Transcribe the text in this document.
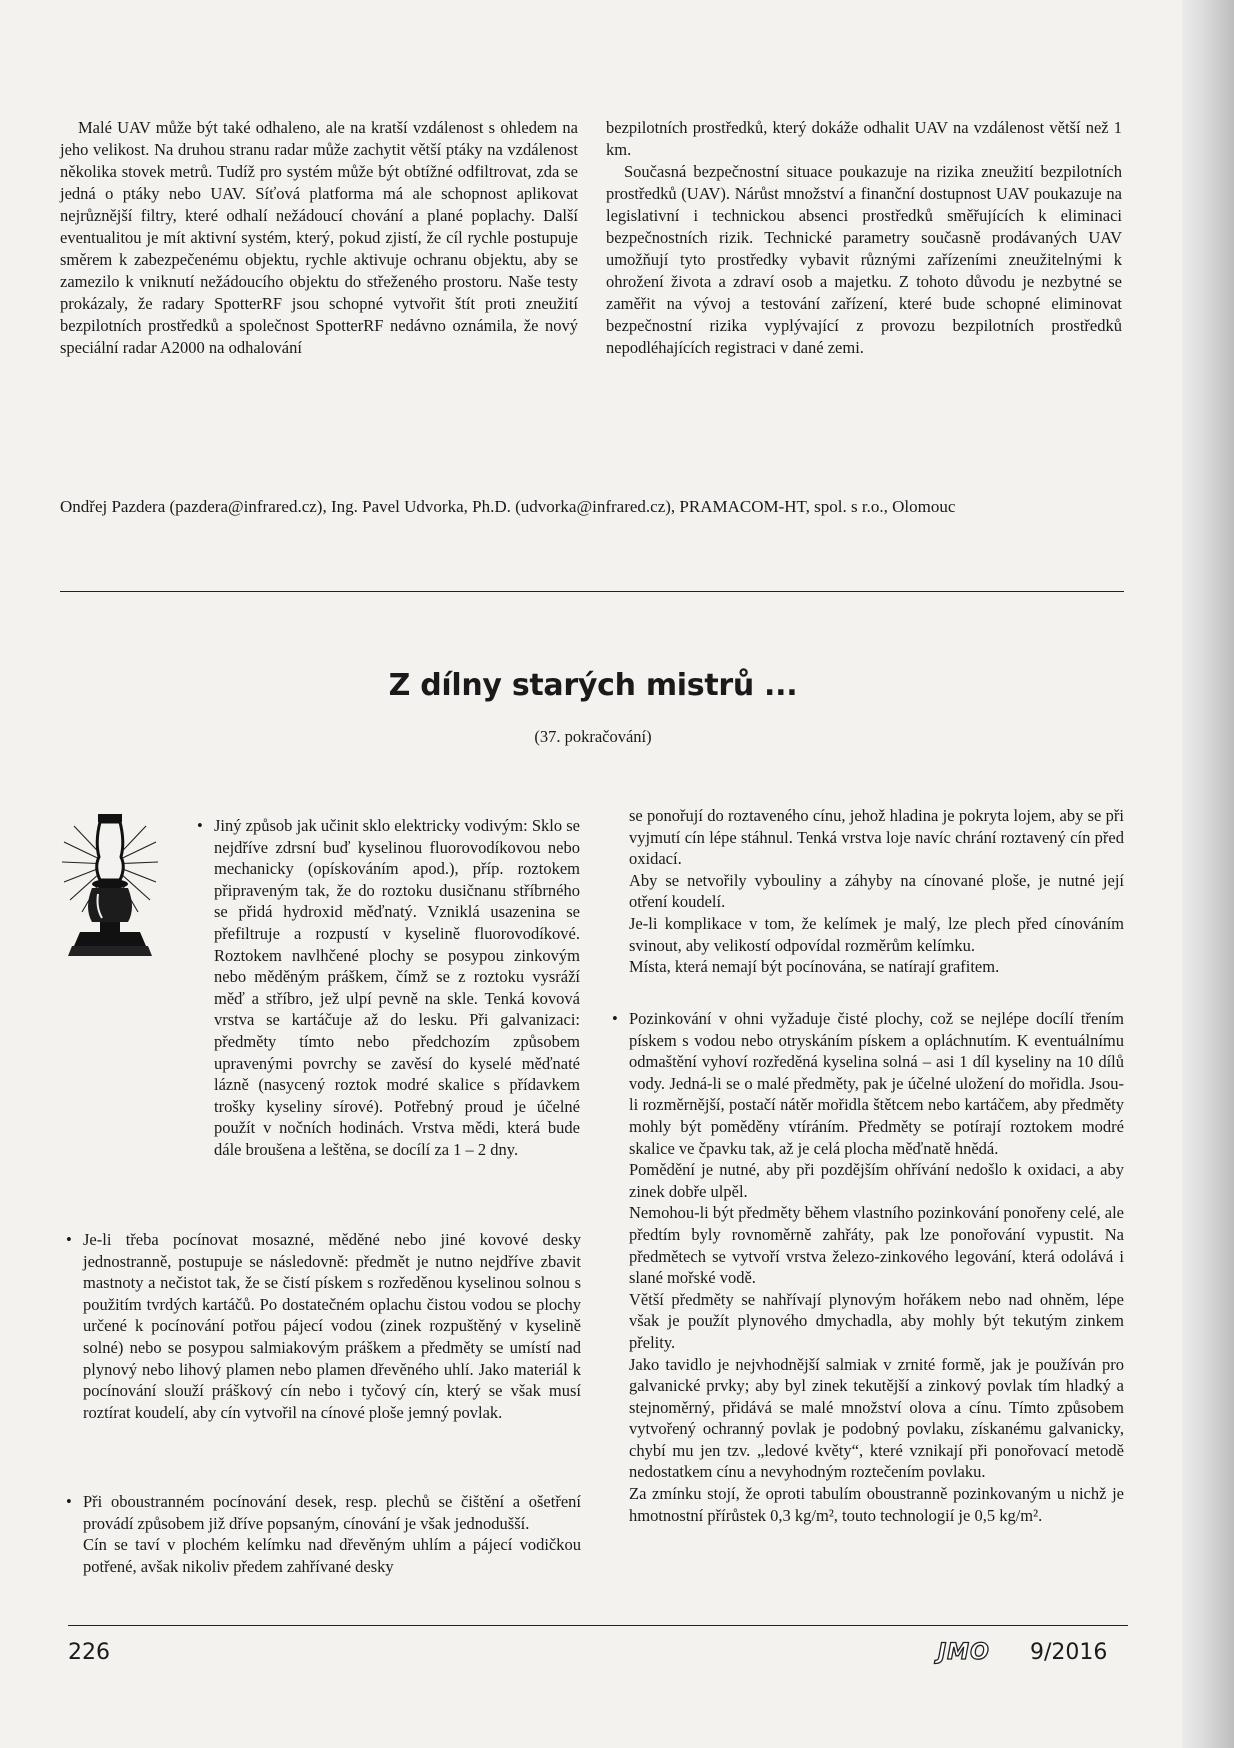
Malé UAV může být také odhaleno, ale na kratší vzdálenost s ohledem na jeho velikost. Na druhou stranu radar může zachytit větší ptáky na vzdálenost několika stovek metrů. Tudíž pro systém může být obtížné odfiltrovat, zda se jedná o ptáky nebo UAV. Síťová platforma má ale schopnost aplikovat nejrůznější filtry, které odhalí nežádoucí chování a plané poplachy. Další eventualitou je mít aktivní systém, který, pokud zjistí, že cíl rychle postupuje směrem k zabezpečenému objektu, rychle aktivuje ochranu objektu, aby se zamezilo k vniknutí nežádoucího objektu do střeženého prostoru. Naše testy prokázaly, že radary SpotterRF jsou schopné vytvořit štít proti zneužití bezpilotních prostředků a společnost SpotterRF nedávno oznámila, že nový speciální radar A2000 na odhalování

bezpilotních prostředků, který dokáže odhalit UAV na vzdálenost větší než 1 km.

Současná bezpečnostní situace poukazuje na rizika zneužití bezpilotních prostředků (UAV). Nárůst množství a finanční dostupnost UAV poukazuje na legislativní i technickou absenci prostředků směřujících k eliminaci bezpečnostních rizik. Technické parametry současně prodávaných UAV umožňují tyto prostředky vybavit různými zařízeními zneužitelnými k ohrožení života a zdraví osob a majetku. Z tohoto důvodu je nezbytné se zaměřit na vývoj a testování zařízení, které bude schopné eliminovat bezpečnostní rizika vyplývající z provozu bezpilotních prostředků nepodléhajících registraci v dané zemi.

Ondřej Pazdera (pazdera@infrared.cz), Ing. Pavel Udvorka, Ph.D. (udvorka@infrared.cz), PRAMACOM-HT, spol. s r.o., Olomouc
Z dílny starých mistrů ...
(37. pokračování)
• Jiný způsob jak učinit sklo elektricky vodivým: Sklo se nejdříve zdrsní buď kyselinou fluorovodíkovou nebo mechanicky (opískováním apod.), příp. roztokem připraveným tak, že do roztoku dusičnanu stříbrného se přidá hydroxid měďnatý. Vzniklá usazenina se přefiltruje a rozpustí v kyselině fluorovodíkové. Roztokem navlhčené plochy se posypou zinkovým nebo měděným práškem, čímž se z roztoku vysráží měď a stříbro, jež ulpí pevně na skle. Tenká kovová vrstva se kartáčuje až do lesku. Při galvanizaci: předměty tímto nebo předchozím způsobem upravenými povrchy se zavěsí do kyselé měďnaté lázně (nasycený roztok modré skalice s přídavkem trošky kyseliny sírové). Potřebný proud je účelné použít v nočních hodinách. Vrstva mědi, která bude dále broušena a leštěna, se docílí za 1 – 2 dny.

• Je-li třeba pocínovat mosazné, měděné nebo jiné kovové desky jednostranně, postupuje se následovně: předmět je nutno nejdříve zbavit mastnoty a nečistot tak, že se čistí pískem s rozředěnou kyselinou solnou s použitím tvrdých kartáčů. Po dostatečném oplachu čistou vodou se plochy určené k pocínování potřou pájecí vodou (zinek rozpuštěný v kyselině solné) nebo se posypou salmiakovým práškem a předměty se umístí nad plynový nebo lihový plamen nebo plamen dřevěného uhlí. Jako materiál k pocínování slouží práškový cín nebo i tyčový cín, který se však musí roztírat koudelí, aby cín vytvořil na cínové ploše jemný povlak.

• Při oboustranném pocínování desek, resp. plechů se čištění a ošetření provádí způsobem již dříve popsaným, cínování je však jednodušší.

Cín se taví v plochém kelímku nad dřevěným uhlím a pájecí vodičkou potřené, avšak nikoliv předem zahřívané desky

se ponořují do roztaveného cínu, jehož hladina je pokryta lojem, aby se při vyjmutí cín lépe stáhnul. Tenká vrstva loje navíc chrání roztavený cín před oxidací.

Aby se netvořily vybouliny a záhyby na cínované ploše, je nutné její otření koudelí.

Je-li komplikace v tom, že kelímek je malý, lze plech před cínováním svinout, aby velikostí odpovídal rozměrům kelímku.

Místa, která nemají být pocínována, se natírají grafitem.

• Pozinkování v ohni vyžaduje čisté plochy, což se nejlépe docílí třením pískem s vodou nebo otryskáním pískem a opláchnutím. K eventuálnímu odmaštění vyhoví rozředěná kyselina solná – asi 1 díl kyseliny na 10 dílů vody. Jedná-li se o malé předměty, pak je účelné uložení do mořidla. Jsou-li rozměrnější, postačí nátěr mořidla štětcem nebo kartáčem, aby předměty mohly být poměděny vtíráním. Předměty se potírají roztokem modré skalice ve čpavku tak, až je celá plocha měďnatě hnědá.

Pomědění je nutné, aby při pozdějším ohřívání nedošlo k oxidaci, a aby zinek dobře ulpěl.

Nemohou-li být předměty během vlastního pozinkování ponořeny celé, ale předtím byly rovnoměrně zahřáty, pak lze ponořování vypustit. Na předmětech se vytvoří vrstva železo-zinkového legování, která odolává i slané mořské vodě.

Větší předměty se nahřívají plynovým hořákem nebo nad ohněm, lépe však je použít plynového dmychadla, aby mohly být tekutým zinkem přelity.

Jako tavidlo je nejvhodnější salmiak v zrnité formě, jak je používán pro galvanické prvky; aby byl zinek tekutější a zinkový povlak tím hladký a stejnoměrný, přidává se malé množství olova a cínu. Tímto způsobem vytvořený ochranný povlak je podobný povlaku, získanému galvanicky, chybí mu jen tzv. „ledové květy“, které vznikají při ponořovací metodě nedostatkem cínu a nevyhodným roztečením povlaku.

Za zmínku stojí, že oproti tabulím oboustranně pozinkovaným u nichž je hmotnostní přírůstek 0,3 kg/m², touto technologií je 0,5 kg/m².

226	JMO 9/2016
